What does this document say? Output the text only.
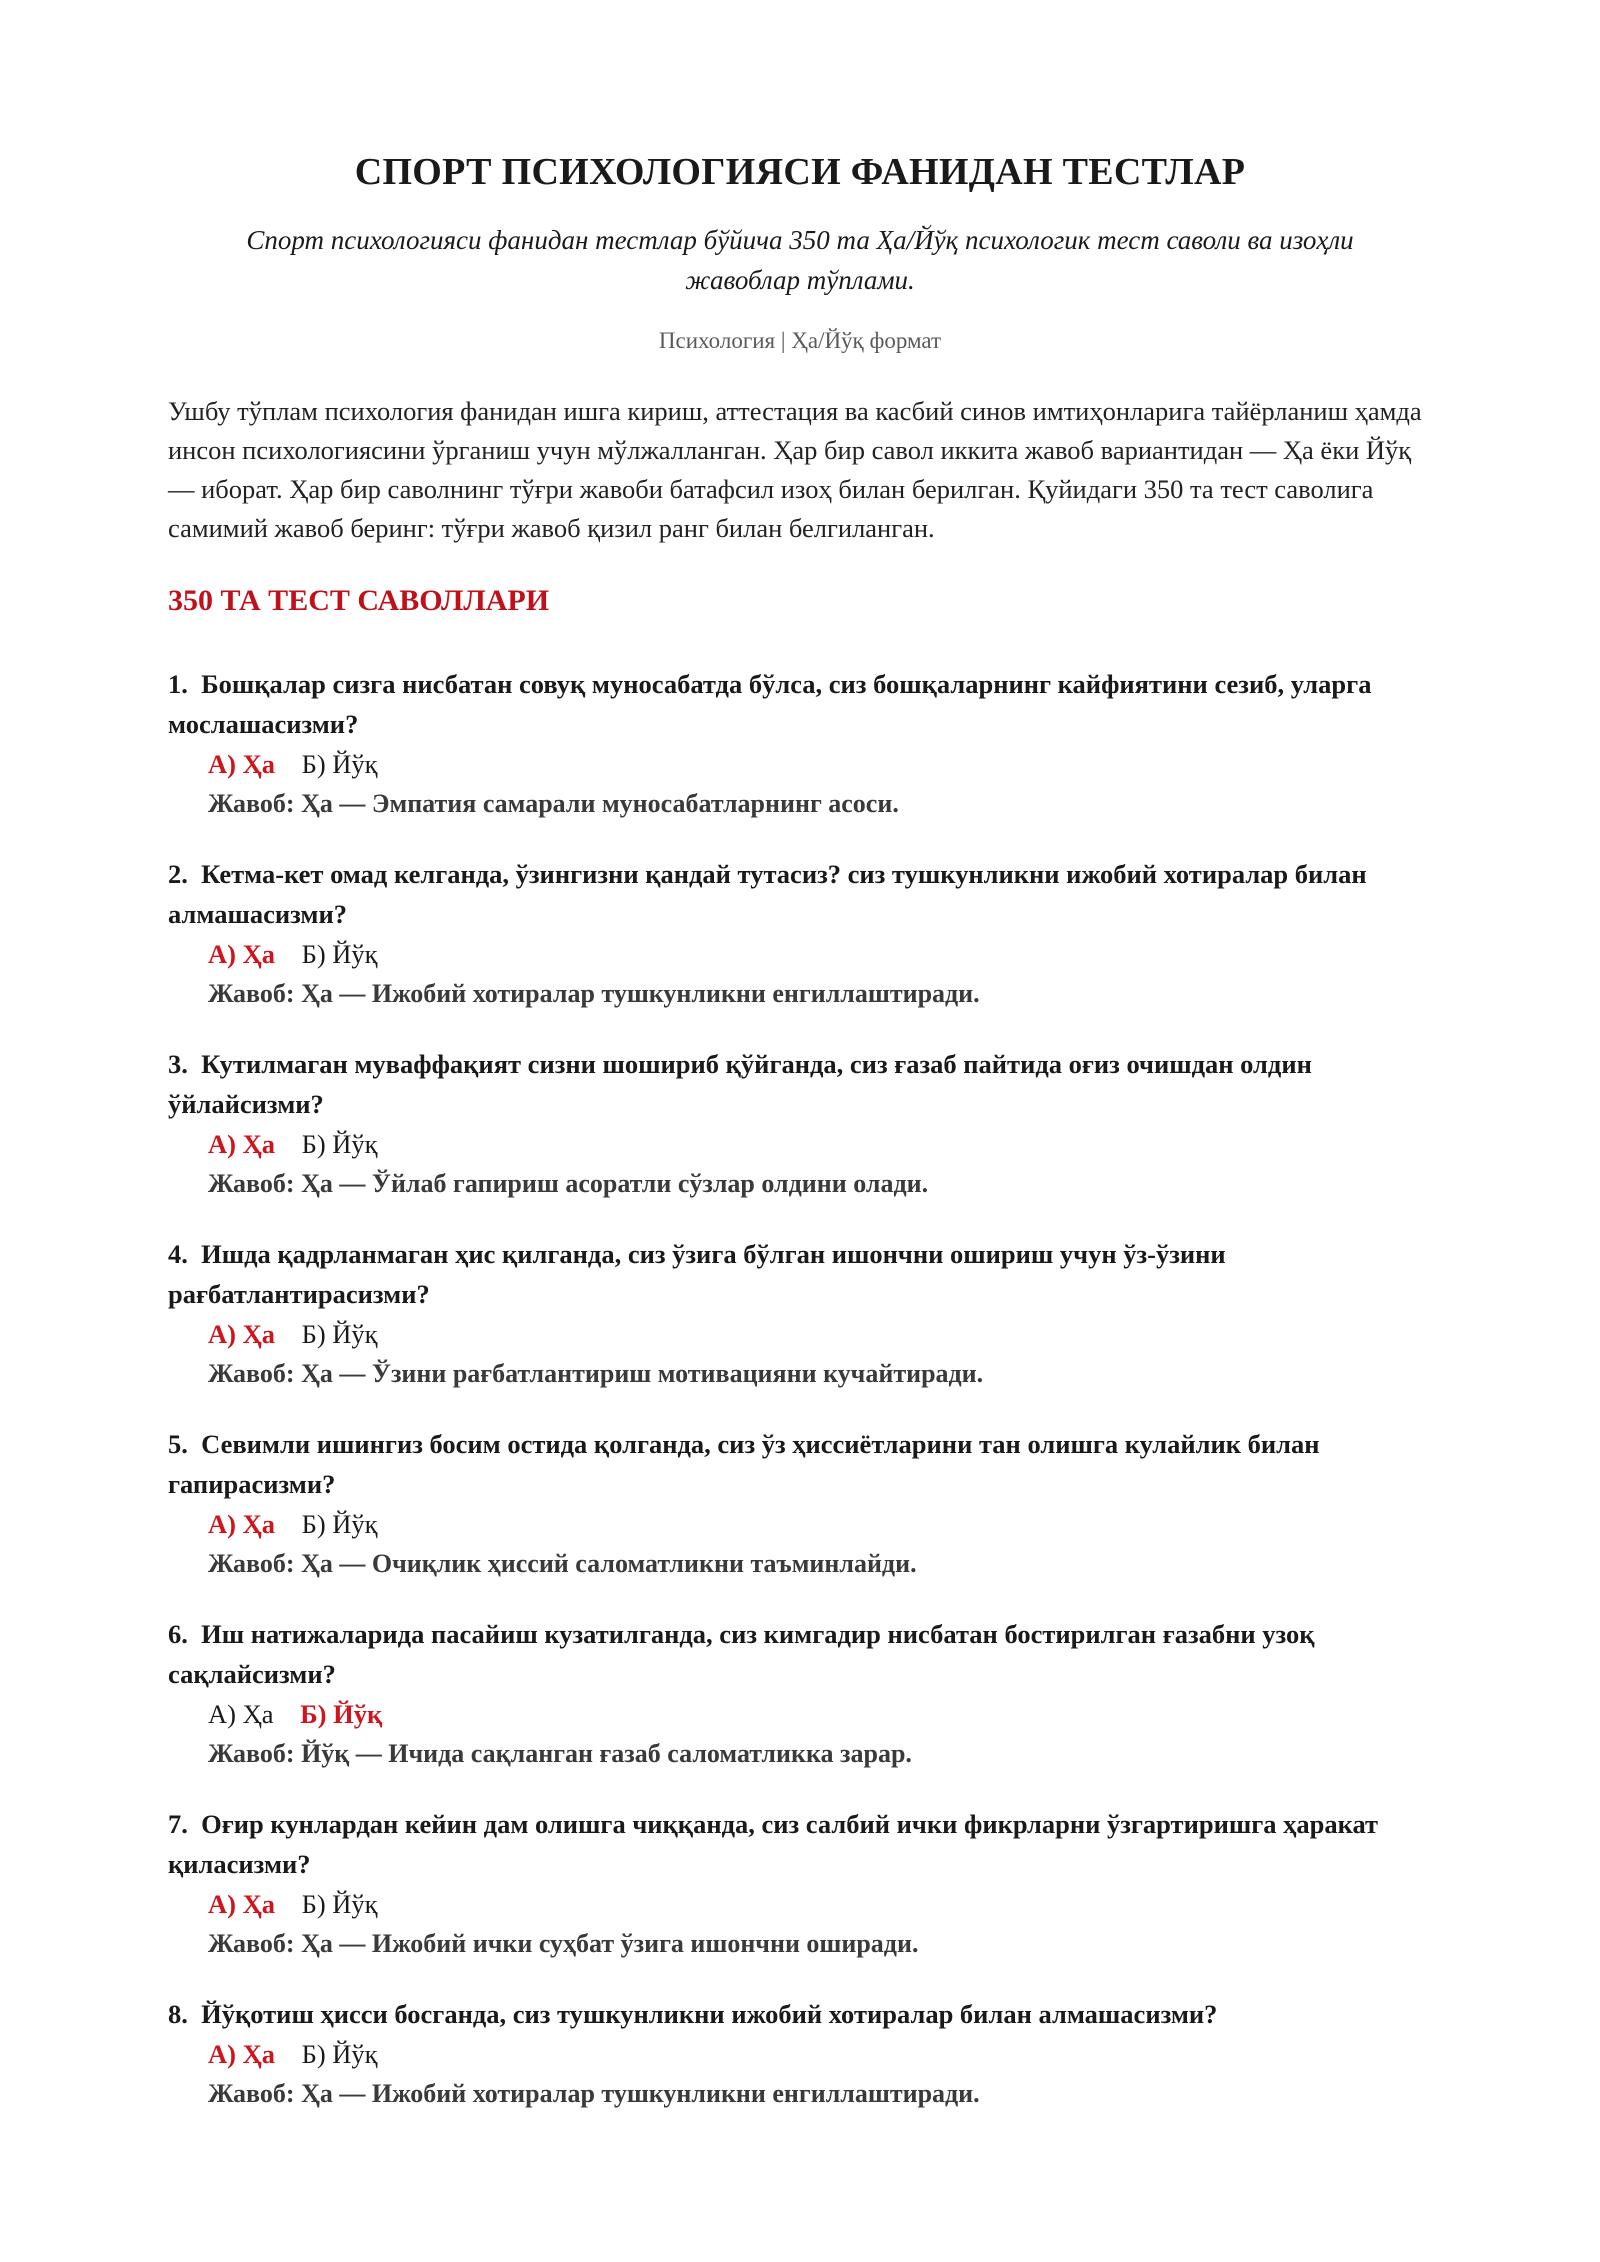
СПОРТ ПСИХОЛОГИЯСИ ФАНИДАН ТЕСТЛАР
Спорт психологияси фанидан тестлар бўйича 350 та Ҳа/Йўқ психологик тест саволи ва изоҳли жавоблар тўплами.
Психология | Ҳа/Йўқ формат

Ушбу тўплам психология фанидан ишга кириш, аттестация ва касбий синов имтиҳонларига тайёрланиш ҳамда инсон психологиясини ўрганиш учун мўлжалланган. Ҳар бир савол иккита жавоб вариантидан — Ҳа ёки Йўқ — иборат. Ҳар бир саволнинг тўғри жавоби батафсил изоҳ билан берилган. Қуйидаги 350 та тест саволига самимий жавоб беринг: тўғри жавоб қизил ранг билан белгиланган.

350 ТА ТЕСТ САВОЛЛАРИ

1. Бошқалар сизга нисбатан совуқ муносабатда бўлса, сиз бошқаларнинг кайфиятини сезиб, уларга мослашасизми?

А) Ҳа Б) Йўқ
Жавоб: Ҳа — Эмпатия самарали муносабатларнинг асоси.

2. Кетма-кет омад келганда, ўзингизни қандай тутасиз? сиз тушкунликни ижобий хотиралар билан алмашасизми?

А) Ҳа Б) Йўқ
Жавоб: Ҳа — Ижобий хотиралар тушкунликни енгиллаштиради.

3. Кутилмаган муваффақият сизни шошириб қўйганда, сиз ғазаб пайтида оғиз очишдан олдин ўйлайсизми?

А) Ҳа Б) Йўқ
Жавоб: Ҳа — Ўйлаб гапириш асоратли сўзлар олдини олади.

4. Ишда қадрланмаган ҳис қилганда, сиз ўзига бўлган ишончни ошириш учун ўз-ўзини рағбатлантирасизми?

А) Ҳа Б) Йўқ
Жавоб: Ҳа — Ўзини рағбатлантириш мотивацияни кучайтиради.

5. Севимли ишингиз босим остида қолганда, сиз ўз ҳиссиётларини тан олишга кулайлик билан гапирасизми?

А) Ҳа Б) Йўқ
Жавоб: Ҳа — Очиқлик ҳиссий саломатликни таъминлайди.

6. Иш натижаларида пасайиш кузатилганда, сиз кимгадир нисбатан бостирилган ғазабни узоқ сақлайсизми?

А) Ҳа Б) Йўқ
Жавоб: Йўқ — Ичида сақланган ғазаб саломатликка зарар.

7. Оғир кунлардан кейин дам олишга чиққанда, сиз салбий ички фикрларни ўзгартиришга ҳаракат қиласизми?

А) Ҳа Б) Йўқ
Жавоб: Ҳа — Ижобий ички суҳбат ўзига ишончни оширади.

8. Йўқотиш ҳисси босганда, сиз тушкунликни ижобий хотиралар билан алмашасизми?

А) Ҳа Б) Йўқ
Жавоб: Ҳа — Ижобий хотиралар тушкунликни енгиллаштиради.
